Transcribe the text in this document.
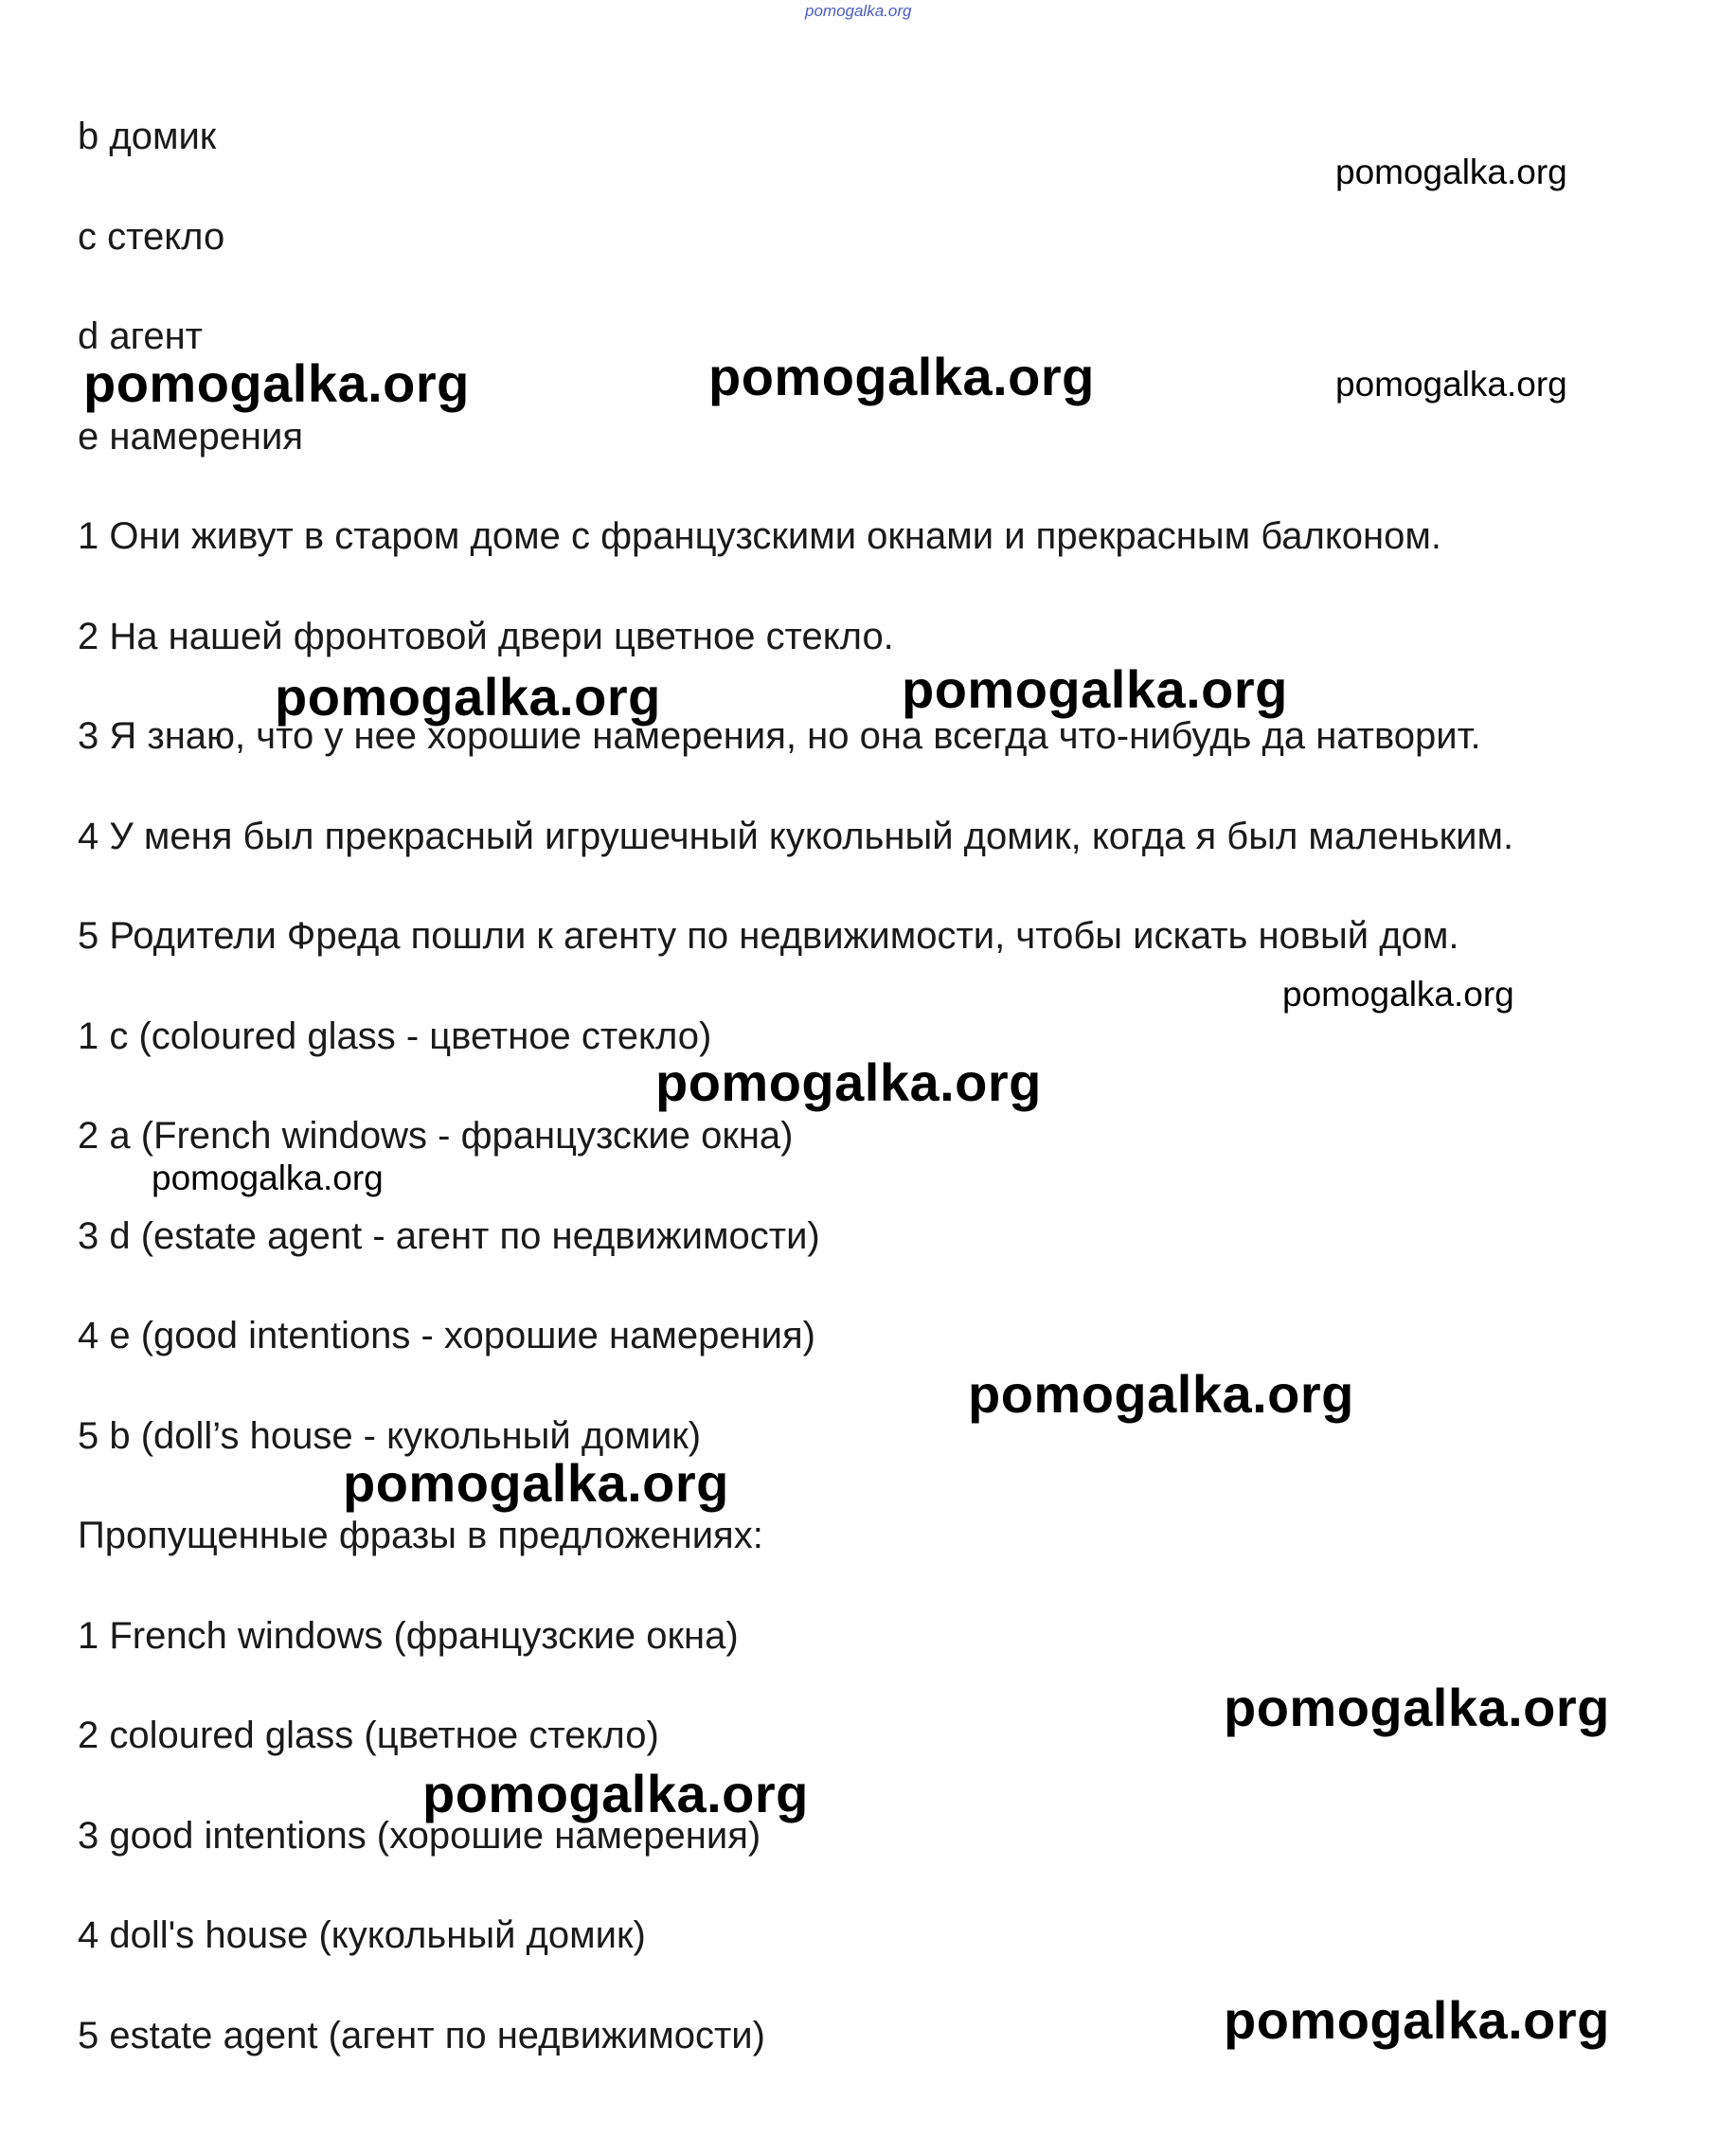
pomogalka.org
b домик
c стекло
d агент
e намерения
1 Они живут в старом доме с французскими окнами и прекрасным балконом.
2 На нашей фронтовой двери цветное стекло.
3 Я знаю, что у нее хорошие намерения, но она всегда что-нибудь да натворит.
4 У меня был прекрасный игрушечный кукольный домик, когда я был маленьким.
5 Родители Фреда пошли к агенту по недвижимости, чтобы искать новый дом.
1 c (coloured glass - цветное стекло)
2 a (French windows - французские окна)
3 d (estate agent - агент по недвижимости)
4 e (good intentions - хорошие намерения)
5 b (doll’s house - кукольный домик)
Пропущенные фразы в предложениях:
1 French windows (французские окна)
2 coloured glass (цветное стекло)
3 good intentions (хорошие намерения)
4 doll's house (кукольный домик)
5 estate agent (агент по недвижимости)
pomogalka.org
pomogalka.org	pomogalka.org	pomogalka.org
pomogalka.org	pomogalka.org
pomogalka.org
pomogalka.org
pomogalka.org
pomogalka.org
pomogalka.org
pomogalka.org
pomogalka.org
pomogalka.org
